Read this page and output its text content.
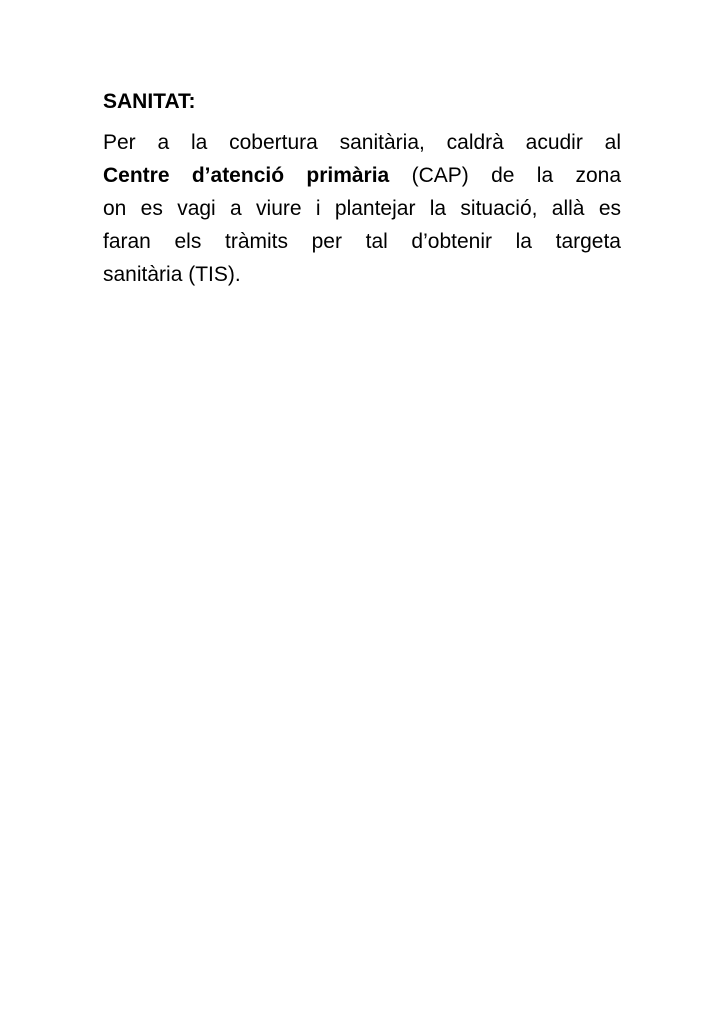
SANITAT:
Per a la cobertura sanitària, caldrà acudir al
Centre d’atenció primària (CAP) de la zona
on es vagi a viure i plantejar la situació, allà es
faran els tràmits per tal d’obtenir la targeta
sanitària (TIS).
